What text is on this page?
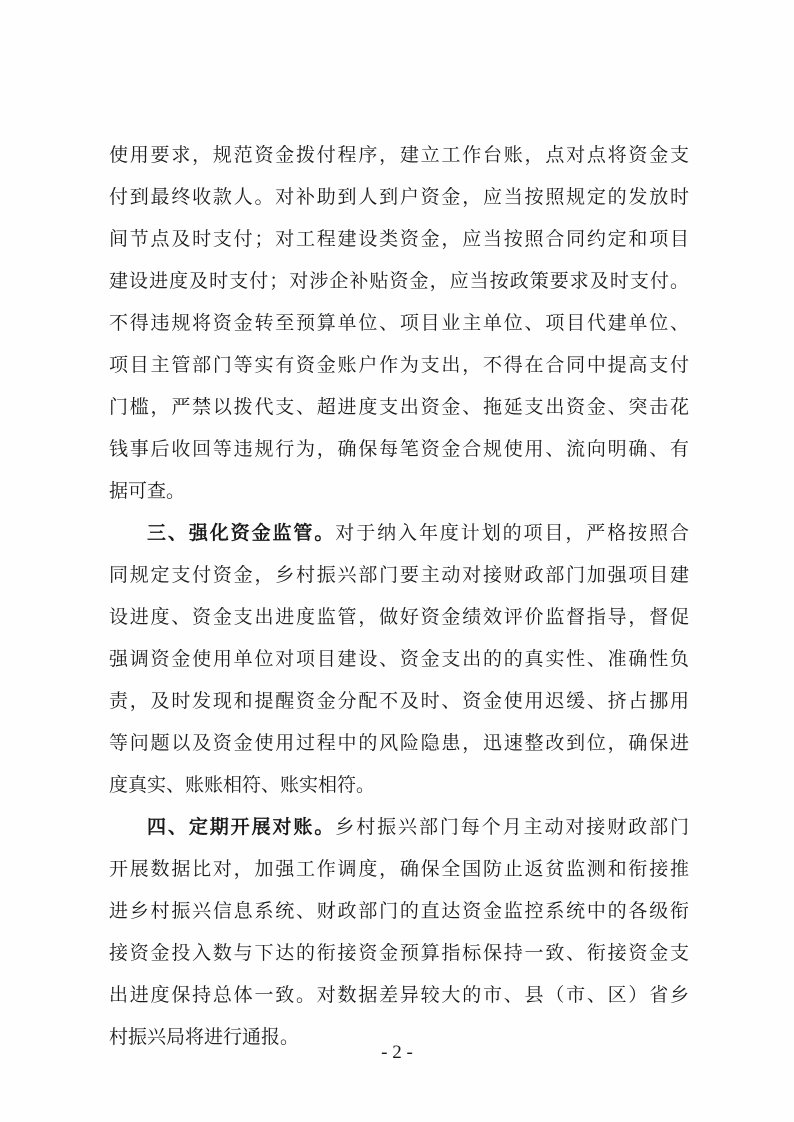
使用要求，规范资金拨付程序，建立工作台账，点对点将资金支
付到最终收款人。对补助到人到户资金，应当按照规定的发放时
间节点及时支付；对工程建设类资金，应当按照合同约定和项目
建设进度及时支付；对涉企补贴资金，应当按政策要求及时支付。
不得违规将资金转至预算单位、项目业主单位、项目代建单位、
项目主管部门等实有资金账户作为支出，不得在合同中提高支付
门槛，严禁以拨代支、超进度支出资金、拖延支出资金、突击花
钱事后收回等违规行为，确保每笔资金合规使用、流向明确、有
据可查。
三、强化资金监管。对于纳入年度计划的项目，严格按照合
同规定支付资金，乡村振兴部门要主动对接财政部门加强项目建
设进度、资金支出进度监管，做好资金绩效评价监督指导，督促
强调资金使用单位对项目建设、资金支出的的真实性、准确性负
责，及时发现和提醒资金分配不及时、资金使用迟缓、挤占挪用
等问题以及资金使用过程中的风险隐患，迅速整改到位，确保进
度真实、账账相符、账实相符。
四、定期开展对账。乡村振兴部门每个月主动对接财政部门
开展数据比对，加强工作调度，确保全国防止返贫监测和衔接推
进乡村振兴信息系统、财政部门的直达资金监控系统中的各级衔
接资金投入数与下达的衔接资金预算指标保持一致、衔接资金支
出进度保持总体一致。对数据差异较大的市、县（市、区）省乡
村振兴局将进行通报。
- 2 -
